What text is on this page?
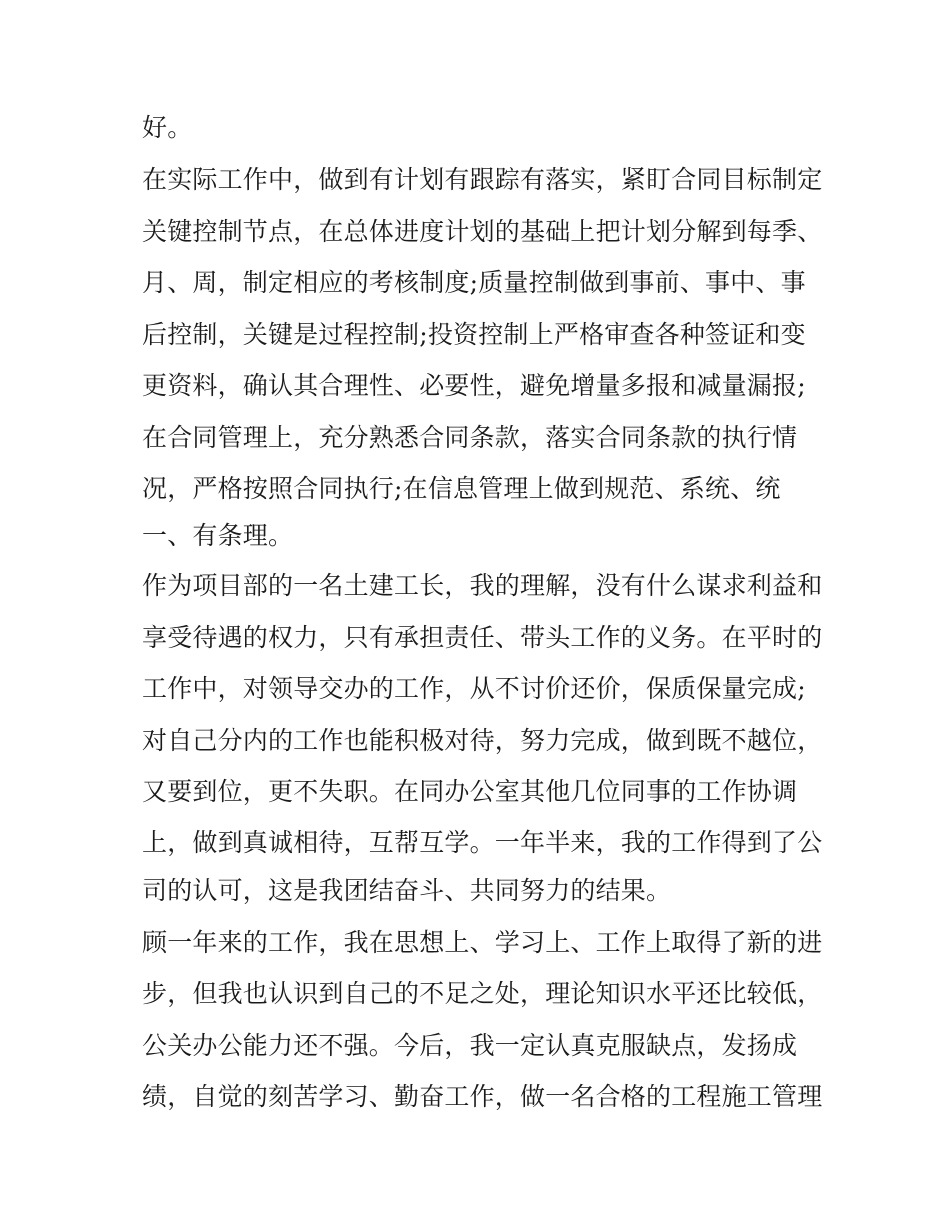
好。
在实际工作中，做到有计划有跟踪有落实，紧盯合同目标制定
关键控制节点，在总体进度计划的基础上把计划分解到每季、
月、周，制定相应的考核制度;质量控制做到事前、事中、事
后控制，关键是过程控制;投资控制上严格审查各种签证和变
更资料，确认其合理性、必要性，避免增量多报和减量漏报;
在合同管理上，充分熟悉合同条款，落实合同条款的执行情
况，严格按照合同执行;在信息管理上做到规范、系统、统
一、有条理。
作为项目部的一名土建工长，我的理解，没有什么谋求利益和
享受待遇的权力，只有承担责任、带头工作的义务。在平时的
工作中，对领导交办的工作，从不讨价还价，保质保量完成;
对自己分内的工作也能积极对待，努力完成，做到既不越位，
又要到位，更不失职。在同办公室其他几位同事的工作协调
上，做到真诚相待，互帮互学。一年半来，我的工作得到了公
司的认可，这是我团结奋斗、共同努力的结果。
顾一年来的工作，我在思想上、学习上、工作上取得了新的进
步，但我也认识到自己的不足之处，理论知识水平还比较低，
公关办公能力还不强。今后，我一定认真克服缺点，发扬成
绩，自觉的刻苦学习、勤奋工作，做一名合格的工程施工管理
